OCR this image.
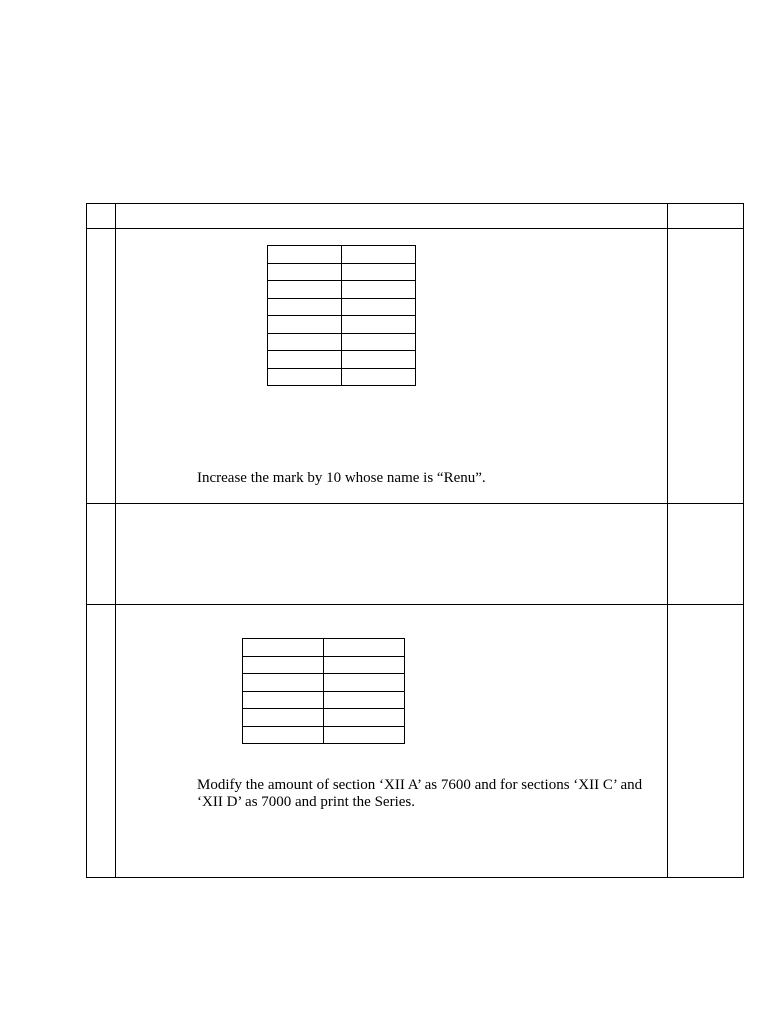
Increase the mark by 10 whose name is “Renu”.

Modify the amount of section ‘XII A’ as 7600 and for sections ‘XII C’ and
‘XII D’ as 7000 and print the Series.
